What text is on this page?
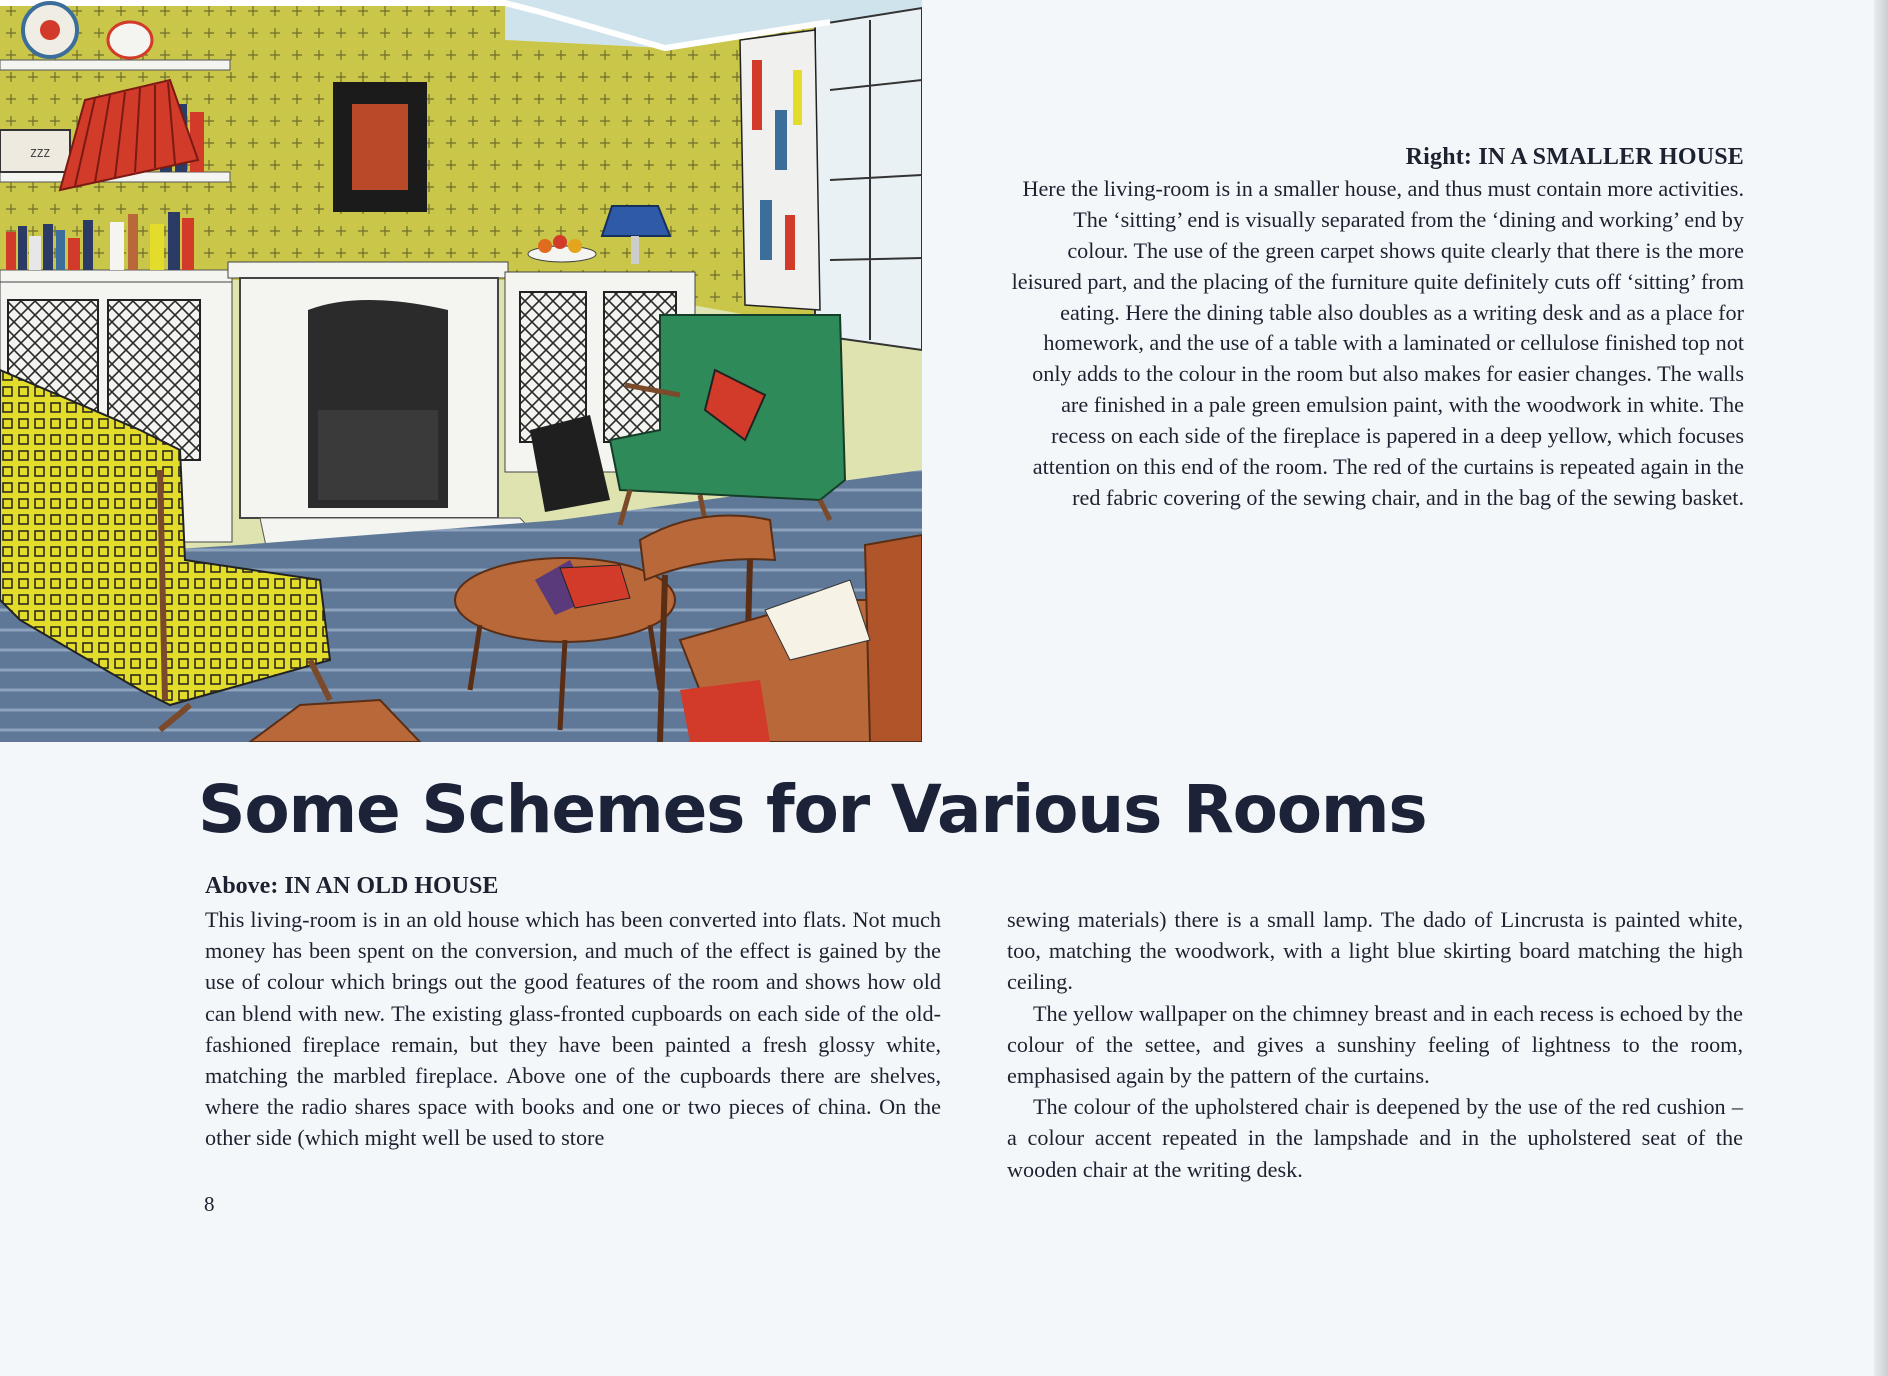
ZZZ	Right: IN A SMALLER HOUSE
Here the living-room is in a smaller house, and thus must contain more activities. The ‘sitting’ end is visually separated from the ‘dining and working’ end by colour. The use of the green carpet shows quite clearly that there is the more leisured part, and the placing of the furniture quite definitely cuts off ‘sitting’ from eating. Here the dining table also doubles as a writing desk and as a place for homework, and the use of a table with a laminated or cellulose finished top not only adds to the colour in the room but also makes for easier changes. The walls are finished in a pale green emulsion paint, with the woodwork in white. The recess on each side of the fireplace is papered in a deep yellow, which focuses attention on this end of the room. The red of the curtains is repeated again in the red fabric covering of the sewing chair, and in the bag of the sewing basket.
Some Schemes for Various Rooms
Above: IN AN OLD HOUSE

This living-room is in an old house which has been converted into flats. Not much money has been spent on the conversion, and much of the effect is gained by the use of colour which brings out the good features of the room and shows how old can blend with new. The existing glass-fronted cupboards on each side of the old-fashioned fireplace remain, but they have been painted a fresh glossy white, matching the marbled fireplace. Above one of the cupboards there are shelves, where the radio shares space with books and one or two pieces of china. On the other side (which might well be used to store

sewing materials) there is a small lamp. The dado of Lincrusta is painted white, too, matching the woodwork, with a light blue skirting board matching the high ceiling.

The yellow wallpaper on the chimney breast and in each recess is echoed by the colour of the settee, and gives a sunshiny feeling of lightness to the room, emphasised again by the pattern of the curtains.

The colour of the upholstered chair is deepened by the use of the red cushion – a colour accent repeated in the lampshade and in the upholstered seat of the wooden chair at the writing desk.

8
